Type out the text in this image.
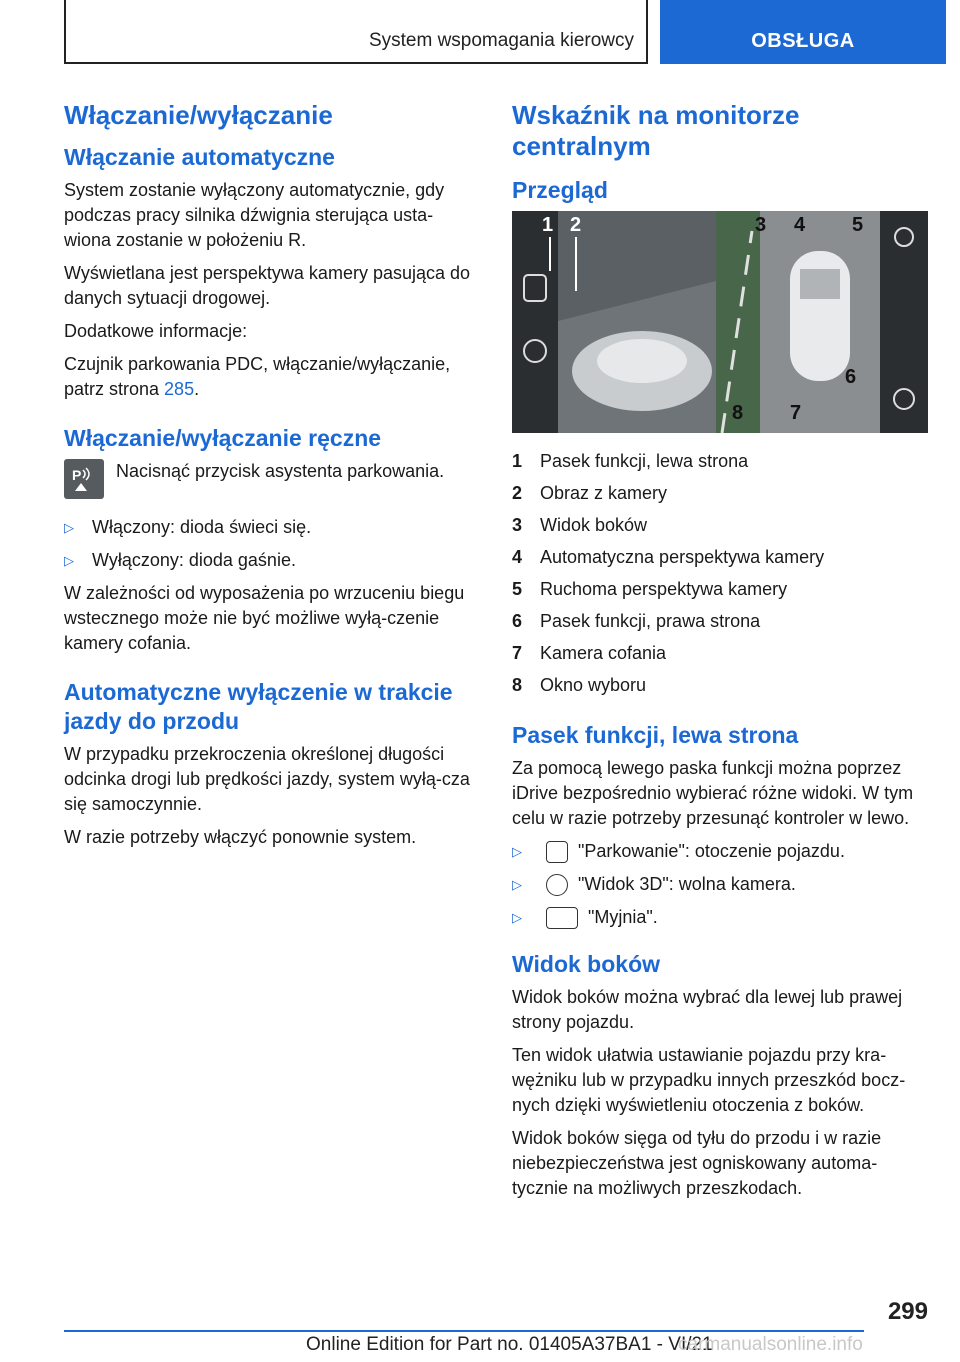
System wspomagania kierowcy	OBSŁUGA
Włączanie/wyłączanie
Włączanie automatyczne

System zostanie wyłączony automatycznie, gdy podczas pracy silnika dźwignia sterująca usta‐wiona zostanie w położeniu R.

Wyświetlana jest perspektywa kamery pasująca do danych sytuacji drogowej.

Dodatkowe informacje:

Czujnik parkowania PDC, włączanie/wyłączanie, patrz strona 285.

Włączanie/wyłączanie ręczne
P Nacisnąć przycisk asystenta parkowania.

▷	Włączony: dioda świeci się.
▷	Wyłączony: dioda gaśnie.

W zależności od wyposażenia po wrzuceniu biegu wstecznego może nie być możliwe wyłą‐czenie kamery cofania.

Automatyczne wyłączenie w trakcie jazdy do przodu

W przypadku przekroczenia określonej długości odcinka drogi lub prędkości jazdy, system wyłą‐cza się samoczynnie.

W razie potrzeby włączyć ponownie system.

Wskaźnik na monitorze centralnym
Przegląd
1 2	3 4 5
6
7
8
1 Pasek funkcji, lewa strona
2 Obraz z kamery
3 Widok boków
4 Automatyczna perspektywa kamery
5 Ruchoma perspektywa kamery
6 Pasek funkcji, prawa strona
7 Kamera cofania
8 Okno wyboru
Pasek funkcji, lewa strona

Za pomocą lewego paska funkcji można poprzez iDrive bezpośrednio wybierać różne widoki. W tym celu w razie potrzeby przesunąć kontroler w lewo.

▷	"Parkowanie": otoczenie pojazdu.
▷	"Widok 3D": wolna kamera.
▷	"Myjnia".
Widok boków

Widok boków można wybrać dla lewej lub prawej strony pojazdu.

Ten widok ułatwia ustawianie pojazdu przy kra‐wężniku lub w przypadku innych przeszkód bocz‐nych dzięki wyświetleniu otoczenia z boków.

Widok boków sięga od tyłu do przodu i w razie niebezpieczeństwa jest ogniskowany automa‐tycznie na możliwych przeszkodach.

299
Online Edition for Part no. 01405A37BA1 - VI/21
carmanualsonline.info
